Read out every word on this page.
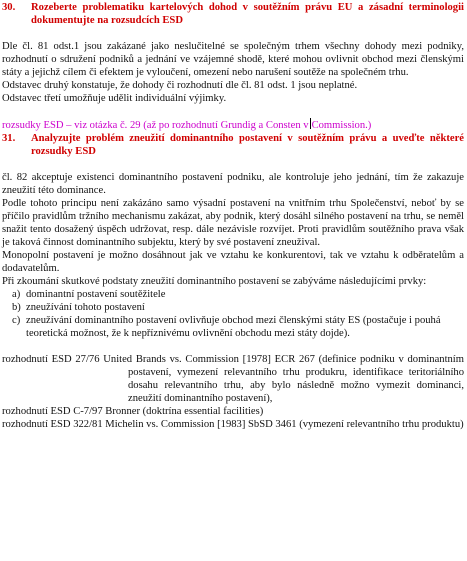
30.	Rozeberte problematiku kartelových dohod v soutěžním právu EU a zásadní terminologii dokumentujte na rozsudcích ESD

Dle čl. 81 odst.1 jsou zakázané jako neslučitelné se společným trhem všechny dohody mezi podniky, rozhodnutí o sdružení podniků a jednání ve vzájemné shodě, které mohou ovlivnit obchod mezi členskými státy a jejichž cílem či efektem je vyloučení, omezení nebo narušení soutěže na společném trhu.

Odstavec druhý konstatuje, že dohody či rozhodnutí dle čl. 81 odst. 1 jsou neplatné.

Odstavec třetí umožňuje udělit individuální výjimky.

rozsudky ESD – viz otázka č. 29 (až po rozhodnutí Grundig a Consten v Commission.)

31.	Analyzujte problém zneužití dominantního postavení v soutěžním právu a uveďte některé rozsudky ESD

čl. 82 akceptuje existenci dominantního postavení podniku, ale kontroluje jeho jednání, tím že zakazuje zneužití této dominance.

Podle tohoto principu není zakázáno samo výsadní postavení na vnitřním trhu Společenství, neboť by se příčilo pravidlům tržního mechanismu zakázat, aby podnik, který dosáhl silného postavení na trhu, se neměl snažit tento dosažený úspěch udržovat, resp. dále nezávisle rozvíjet. Proti pravidlům soutěžního prava však je taková činnost dominantního subjektu, který by své postavení zneužival.

Monopolní postavení je možno dosáhnout jak ve vztahu ke konkurentovi, tak ve vztahu k odběratelům a dodavatelům.

Při zkoumání skutkové podstaty zneužití dominantního postavení se zabýváme následujícími prvky:

a) dominantní postavení soutěžitele
b) zneužívání tohoto postavení
c) zneužívání dominantního postavení ovlivňuje obchod mezi členskými státy ES (postačuje i pouhá teoretická možnost, že k nepříznivému ovlivnění obchodu mezi státy dojde).

rozhodnutí ESD 27/76 United Brands vs. Commission [1978] ECR 267 (definice podniku v dominantním postavení, vymezení relevantního trhu produkru, identifikace teritoriálního dosahu relevantního trhu, aby bylo následně možno vymezit dominanci, zneužití dominantního postavení),

rozhodnutí ESD C-7/97 Bronner (doktrína essential facilities)

rozhodnutí ESD 322/81 Michelin vs. Commission [1983] SbSD 3461 (vymezení relevantního trhu produktu)
